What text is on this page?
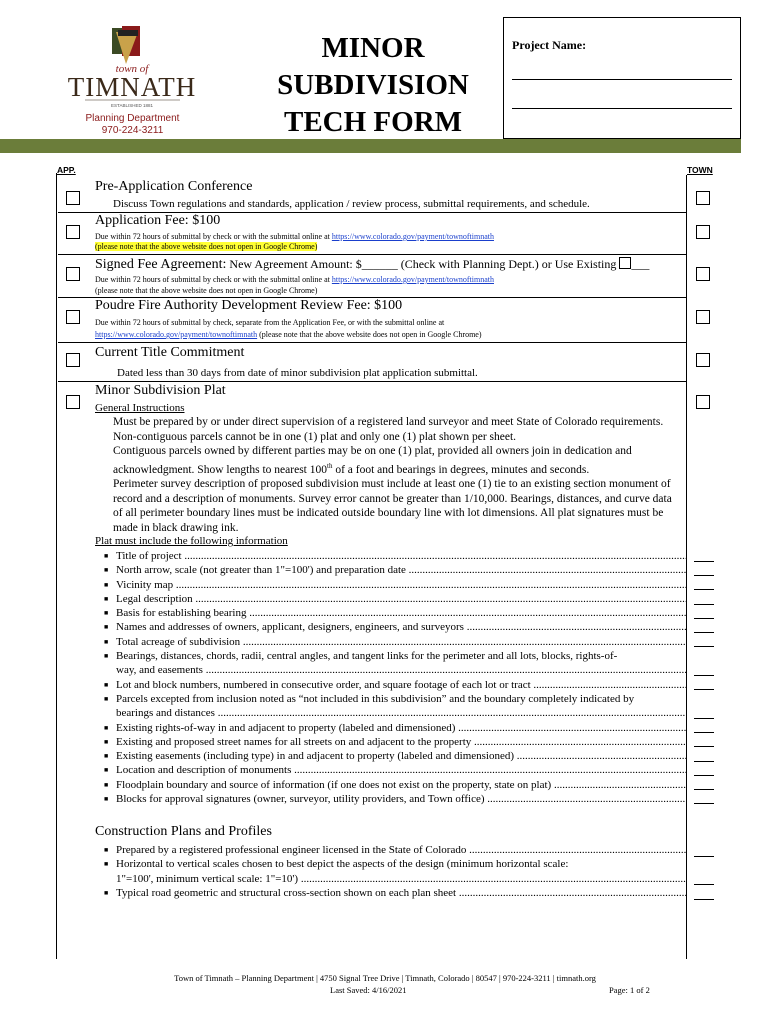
town of
TIMNATH
ESTABLISHED 1881
Planning Department
970-224-3211
MINOR
SUBDIVISION
TECH FORM
Project Name:
APP.	TOWN
Pre-Application Conference
Discuss Town regulations and standards, application / review process, submittal requirements, and schedule.
Application Fee: $100
Due within 72 hours of submittal by check or with the submittal online at https://www.colorado.gov/payment/townoftimnath
(please note that the above website does not open in Google Chrome)
Signed Fee Agreement: New Agreement Amount: $______ (Check with Planning Dept.) or Use Existing ___
Due within 72 hours of submittal by check or with the submittal online at https://www.colorado.gov/payment/townoftimnath
(please note that the above website does not open in Google Chrome)
Poudre Fire Authority Development Review Fee: $100
Due within 72 hours of submittal by check, separate from the Application Fee, or with the submittal online at
https://www.colorado.gov/payment/townoftimnath (please note that the above website does not open in Google Chrome)
Current Title Commitment
Dated less than 30 days from date of minor subdivision plat application submittal.
Minor Subdivision Plat
General Instructions
Must be prepared by or under direct supervision of a registered land surveyor and meet State of Colorado requirements. Non-contiguous parcels cannot be in one (1) plat and only one (1) plat shown per sheet.
Contiguous parcels owned by different parties may be on one (1) plat, provided all owners join in dedication and acknowledgment. Show lengths to nearest 100th of a foot and bearings in degrees, minutes and seconds.
Perimeter survey description of proposed subdivision must include at least one (1) tie to an existing section monument of record and a description of monuments. Survey error cannot be greater than 1/10,000. Bearings, distances, and curve data of all perimeter boundary lines must be indicated outside boundary line with lot dimensions. All plat signatures must be made in black drawing ink.
Plat must include the following information
■ Title of project .....
■ North arrow, scale (not greater than 1"=100') and preparation date .....
■ Vicinity map .....
■ Legal description .....
■ Basis for establishing bearing .....
■ Names and addresses of owners, applicant, designers, engineers, and surveyors .....
■ Total acreage of subdivision .....
■ Bearings, distances, chords, radii, central angles, and tangent links for the perimeter and all lots, blocks, rights-of-
way, and easements .....
■ Lot and block numbers, numbered in consecutive order, and square footage of each lot or tract .....
■ Parcels excepted from inclusion noted as “not included in this subdivision” and the boundary completely indicated by
bearings and distances .....
■ Existing rights-of-way in and adjacent to property (labeled and dimensioned) .....
■ Existing and proposed street names for all streets on and adjacent to the property .....
■ Existing easements (including type) in and adjacent to property (labeled and dimensioned) .....
■ Location and description of monuments .....
■ Floodplain boundary and source of information (if one does not exist on the property, state on plat) .....
■ Blocks for approval signatures (owner, surveyor, utility providers, and Town office) .....
Construction Plans and Profiles
■ Prepared by a registered professional engineer licensed in the State of Colorado .....
■ Horizontal to vertical scales chosen to best depict the aspects of the design (minimum horizontal scale:
1"=100', minimum vertical scale: 1"=10') .....
■ Typical road geometric and structural cross-section shown on each plan sheet .....
Town of Timnath – Planning Department | 4750 Signal Tree Drive | Timnath, Colorado | 80547 | 970-224-3211 | timnath.org
Last Saved: 4/16/2021	Page: 1 of 2
